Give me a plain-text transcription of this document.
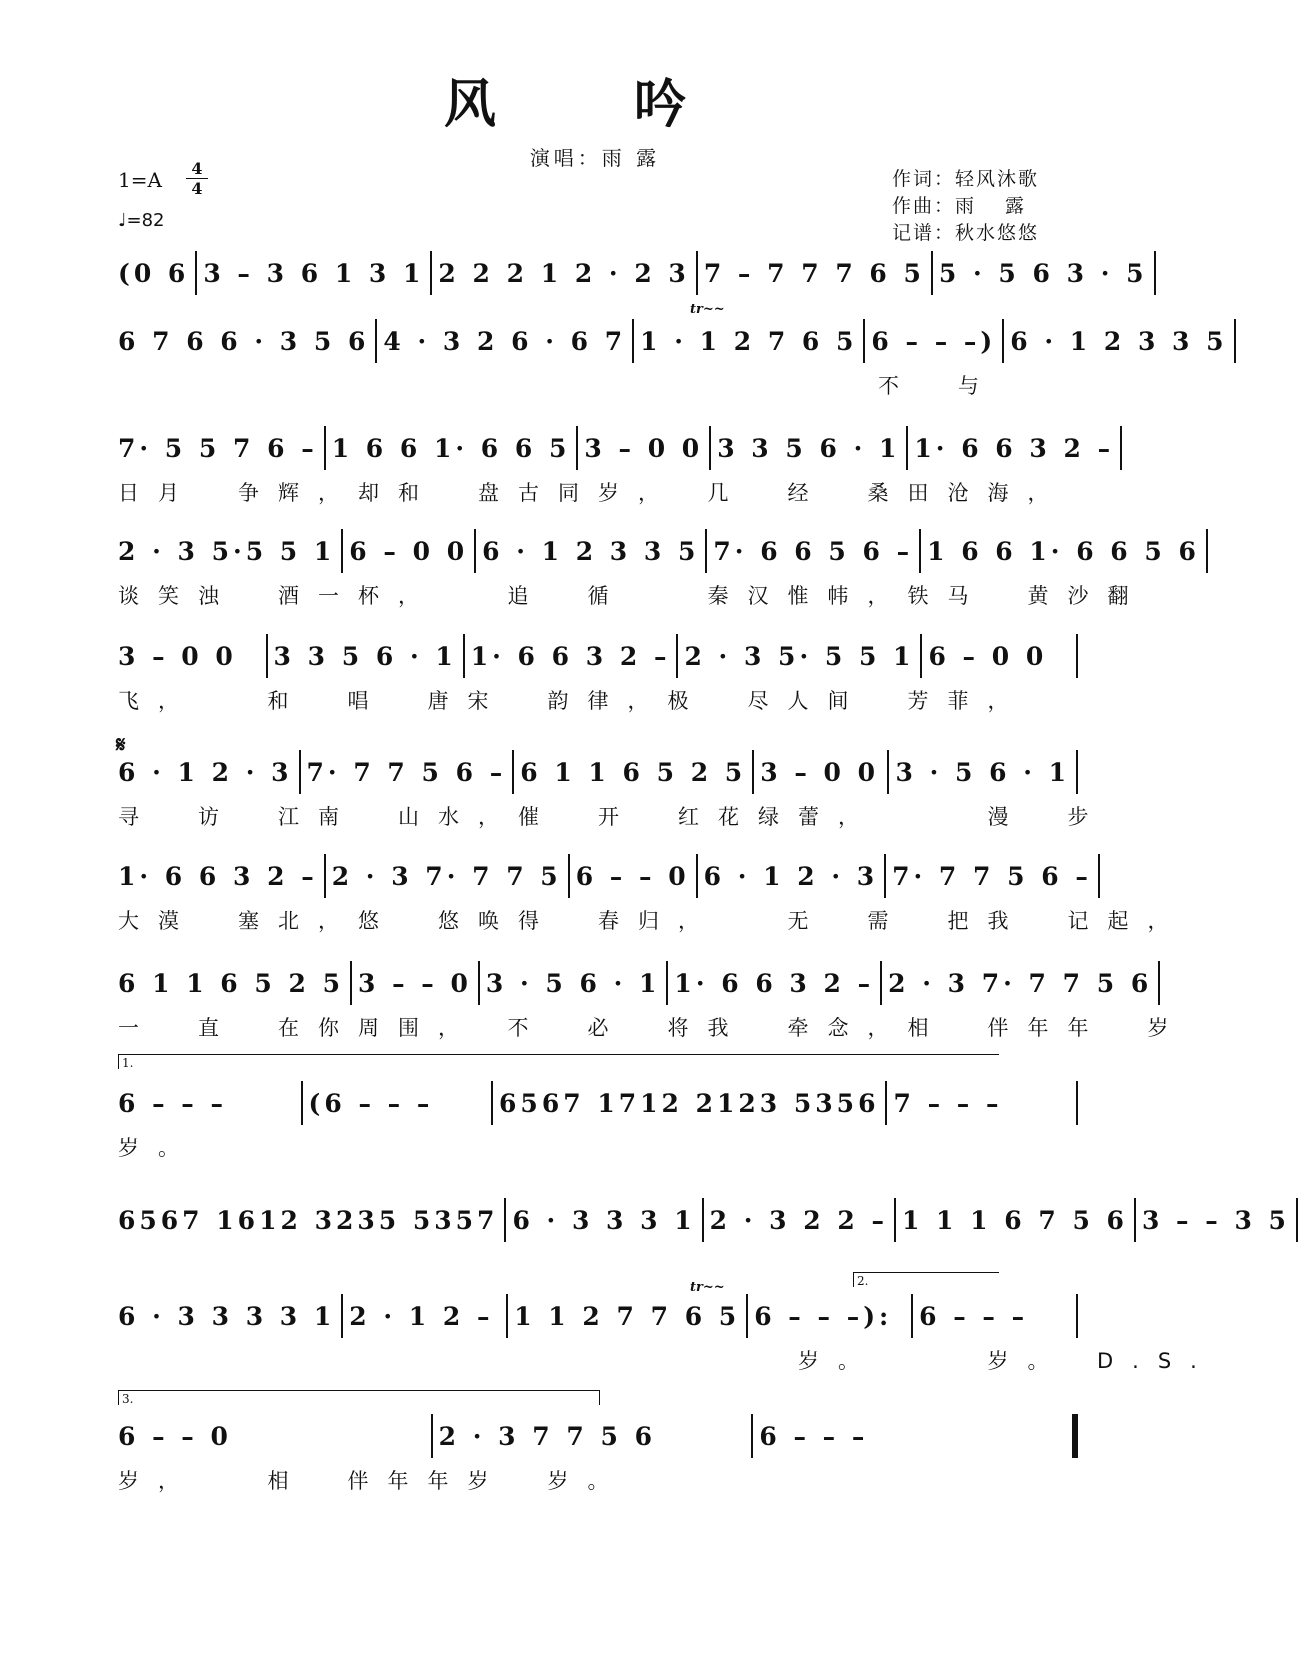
风 吟
演唱：雨 露
1=A	4
4
♩=82
作词：轻风沐歌
作曲：雨　 露
记谱：秋水悠悠
(0 6 3 – 3 6 1 3 1 2 2 2 1 2 · 2 3 7 – 7 7 7 6 5 5 · 5 6 3 · 5
6 7 6 6 · 3 5 6 4 · 3 2 6 · 6 7 1 · 1 2 7 6 5 6 – – –) 6 · 1 2 3 3 5
　　　　　　　　　　　　　　　　　　　不　与
7· 5 5 7 6 – 1 6 6 1· 6 6 5 3 – 0 0 3 3 5 6 · 1 1· 6 6 3 2 –
日月　争辉，却和　盘古同岁，　几　经　桑田沧海，
2 · 3 5·5 5 1 6 – 0 0 6 · 1 2 3 3 5 7· 6 6 5 6 – 1 6 6 1· 6 6 5 6
谈笑浊　酒一杯，　　追　循　　秦汉惟帏，铁马　黄沙翻
3 – 0 0	3 3 5 6 · 1 1· 6 6 3 2 – 2 · 3 5· 5 5 1 6 – 0 0
飞，　　和　唱　唐宋　韵律，极　尽人间　芳菲，
6 · 1 2 · 3 7· 7 7 5 6 – 6 1 1 6 5 2 5 3 – 0 0 3 · 5 6 · 1
寻　访　江南　山水，催　开　红花绿蕾，　　　漫　步
1· 6 6 3 2 – 2 · 3 7· 7 7 5 6 – – 0 6 · 1 2 · 3 7· 7 7 5 6 –
大漠　塞北，悠　悠唤得　春归，　　无　需　把我　记起，
6 1 1 6 5 2 5 3 – – 0 3 · 5 6 · 1 1· 6 6 3 2 – 2 · 3 7· 7 7 5 6
一　直　在你周围，　不　必　将我　牵念，相　伴年年　岁
6 – – –	(6 – – –	6567 1712 2123 5356 7 – – –
岁。
6567 1612 3235 5357 6 · 3 3 3 1 2 · 3 2 2 – 1 1 1 6 7 5 6 3 – – 3 5
6 · 3 3 3 3 1 2 · 1 2 – 1 1 2 7 7 6 5 6 – – –):	6 – – –
　　　　　　　　　　　　　　　　　岁。　　　岁。　D.S.
6 – – 0	2 · 3 7 7 5 6	6 – – –
岁，　　相　伴年年岁　岁。
1.
2.
3.
𝄋
tr~~
tr~~
